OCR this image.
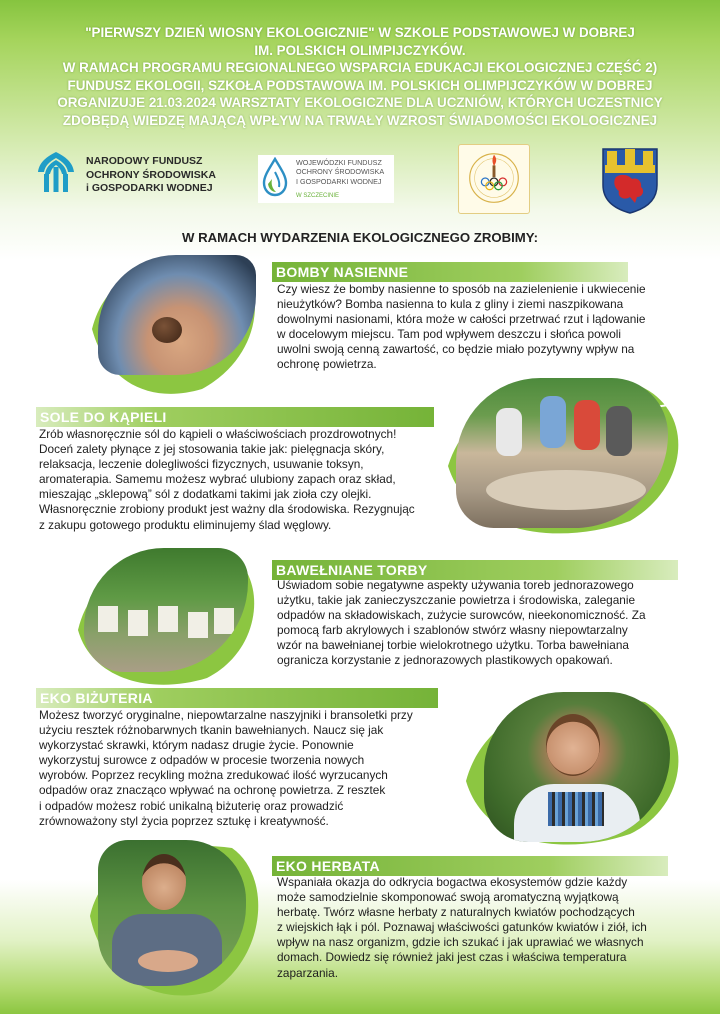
"PIERWSZY DZIEŃ WIOSNY EKOLOGICZNIE" W SZKOLE PODSTAWOWEJ W DOBREJ
IM. POLSKICH OLIMPIJCZYKÓW.
W RAMACH PROGRAMU REGIONALNEGO WSPARCIA EDUKACJI EKOLOGICZNEJ CZĘŚĆ 2)
FUNDUSZ EKOLOGII, SZKOŁA PODSTAWOWA IM. POLSKICH OLIMPIJCZYKÓW W DOBREJ
ORGANIZUJE 21.03.2024 WARSZTATY EKOLOGICZNE DLA UCZNIÓW, KTÓRYCH UCZESTNICY
ZDOBĘDĄ WIEDZĘ MAJĄCĄ WPŁYW NA TRWAŁY WZROST ŚWIADOMOŚCI EKOLOGICZNEJ
NARODOWY FUNDUSZ
OCHRONY ŚRODOWISKA
i GOSPODARKI WODNEJ
WOJEWÓDZKI FUNDUSZ
OCHRONY ŚRODOWISKA
I GOSPODARKI WODNEJ
W SZCZECINIE
W RAMACH WYDARZENIA EKOLOGICZNEGO ZROBIMY:
BOMBY NASIENNE
Czy wiesz że bomby nasienne to sposób na zazielenienie i ukwiecenie
nieużytków? Bomba nasienna to kula z gliny i ziemi naszpikowana
dowolnymi nasionami, która może w całości przetrwać rzut i lądowanie
w docelowym miejscu. Tam pod wpływem deszczu i słońca powoli
uwolni swoją cenną zawartość, co będzie miało pozytywny wpływ na
ochronę powietrza.
SOLE DO KĄPIELI
Zrób własnoręcznie sól do kąpieli o właściwościach prozdrowotnych!
Doceń zalety płynące z jej stosowania takie jak: pielęgnacja skóry,
relaksacja, leczenie dolegliwości fizycznych, usuwanie toksyn,
aromaterapia. Samemu możesz wybrać ulubiony zapach oraz skład,
mieszając „sklepową” sól z dodatkami takimi jak zioła czy olejki.
Własnoręcznie zrobiony produkt jest ważny dla środowiska. Rezygnując
z zakupu gotowego produktu eliminujemy ślad węglowy.
BAWEŁNIANE TORBY
Uświadom sobie negatywne aspekty używania toreb jednorazowego
użytku, takie jak zanieczyszczanie powietrza i środowiska, zaleganie
odpadów na składowiskach, zużycie surowców, nieekonomiczność. Za
pomocą farb akrylowych i szablonów stwórz własny niepowtarzalny
wzór na bawełnianej torbie wielokrotnego użytku. Torba bawełniana
ogranicza korzystanie z jednorazowych plastikowych opakowań.
EKO BIŻUTERIA
Możesz tworzyć oryginalne, niepowtarzalne naszyjniki i bransoletki przy
użyciu resztek różnobarwnych tkanin bawełnianych. Naucz się jak
wykorzystać skrawki, którym nadasz drugie życie. Ponownie
wykorzystuj surowce z odpadów w procesie tworzenia nowych
wyrobów. Poprzez recykling można zredukować ilość wyrzucanych
odpadów oraz znacząco wpływać na ochronę powietrza. Z resztek
i odpadów możesz robić unikalną biżuterię oraz prowadzić
zrównoważony styl życia poprzez sztukę i kreatywność.
EKO HERBATA
Wspaniała okazja do odkrycia bogactwa ekosystemów gdzie każdy
może samodzielnie skomponować swoją aromatyczną wyjątkową
herbatę. Twórz własne herbaty z naturalnych kwiatów pochodzących
z wiejskich łąk i pól. Poznawaj właściwości gatunków kwiatów i ziół, ich
wpływ na nasz organizm, gdzie ich szukać i jak uprawiać we własnych
domach. Dowiedz się również jaki jest czas i właściwa temperatura
zaparzania.
